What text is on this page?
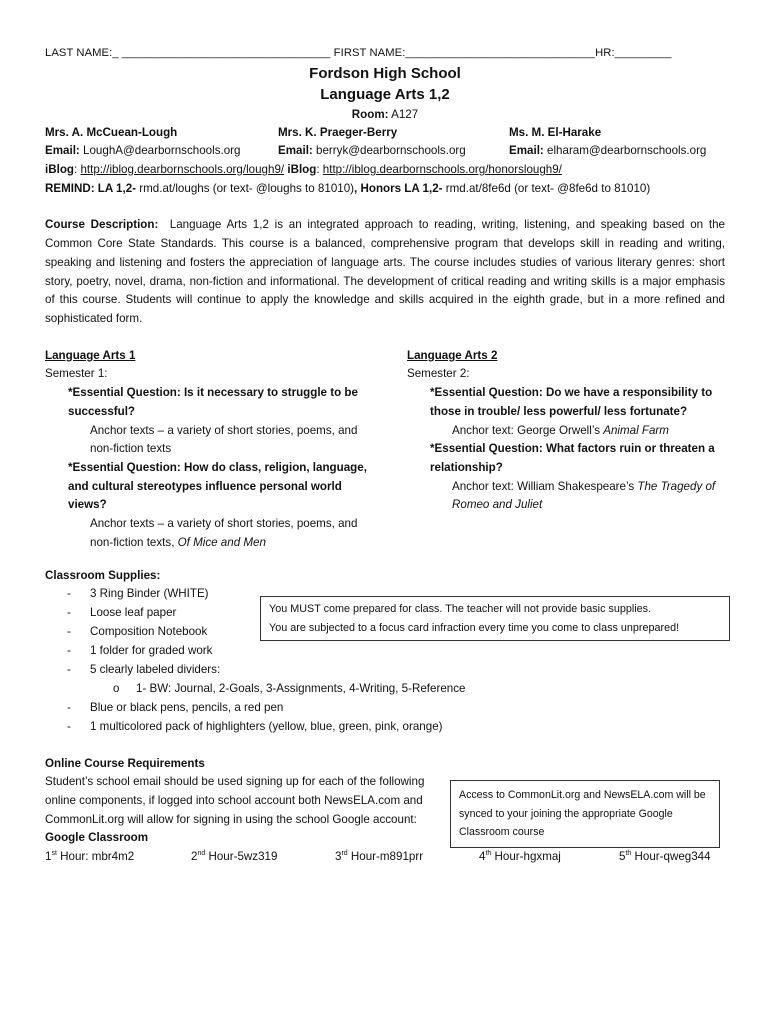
LAST NAME:_ _________________________________ FIRST NAME:______________________________HR:_________
Fordson High School
Language Arts 1,2
Room: A127
Mrs. A. McCuean-Lough	Mrs. K. Praeger-Berry	Ms. M. El-Harake
Email: LoughA@dearbornschools.org	Email: berryk@dearbornschools.org	Email: elharam@dearbornschools.org
iBlog: http://iblog.dearbornschools.org/lough9/ iBlog: http://iblog.dearbornschools.org/honorslough9/
REMIND: LA 1,2- rmd.at/loughs (or text- @loughs to 81010), Honors LA 1,2- rmd.at/8fe6d (or text- @8fe6d to 81010)
Course Description: Language Arts 1,2 is an integrated approach to reading, writing, listening, and speaking based on the Common Core State Standards. This course is a balanced, comprehensive program that develops skill in reading and writing, speaking and listening and fosters the appreciation of language arts. The course includes studies of various literary genres: short story, poetry, novel, drama, non-fiction and informational. The development of critical reading and writing skills is a major emphasis of this course. Students will continue to apply the knowledge and skills acquired in the eighth grade, but in a more refined and sophisticated form.
Language Arts 1
Semester 1:
*Essential Question: Is it necessary to struggle to be successful?
Anchor texts – a variety of short stories, poems, and non-fiction texts
*Essential Question: How do class, religion, language, and cultural stereotypes influence personal world views?
Anchor texts – a variety of short stories, poems, and non-fiction texts, Of Mice and Men
Language Arts 2
Semester 2:
*Essential Question: Do we have a responsibility to those in trouble/ less powerful/ less fortunate?
Anchor text: George Orwell’s Animal Farm
*Essential Question: What factors ruin or threaten a relationship?
Anchor text: William Shakespeare’s The Tragedy of Romeo and Juliet
Classroom Supplies:
- 3 Ring Binder (WHITE)
- Loose leaf paper
- Composition Notebook
- 1 folder for graded work
- 5 clearly labeled dividers:
o 1- BW: Journal, 2-Goals, 3-Assignments, 4-Writing, 5-Reference
- Blue or black pens, pencils, a red pen
- 1 multicolored pack of highlighters (yellow, blue, green, pink, orange)
Online Course Requirements
Student’s school email should be used signing up for each of the following online components, if logged into school account both NewsELA.com and CommonLit.org will allow for signing in using the school Google account:
Google Classroom
1st Hour: mbr4m2	2nd Hour-5wz319	3rd Hour-m891prr	4th Hour-hgxmaj	5th Hour-qweg344
You MUST come prepared for class. The teacher will not provide basic supplies.
You are subjected to a focus card infraction every time you come to class unprepared!
Access to CommonLit.org and NewsELA.com will be synced to your joining the appropriate Google Classroom course
